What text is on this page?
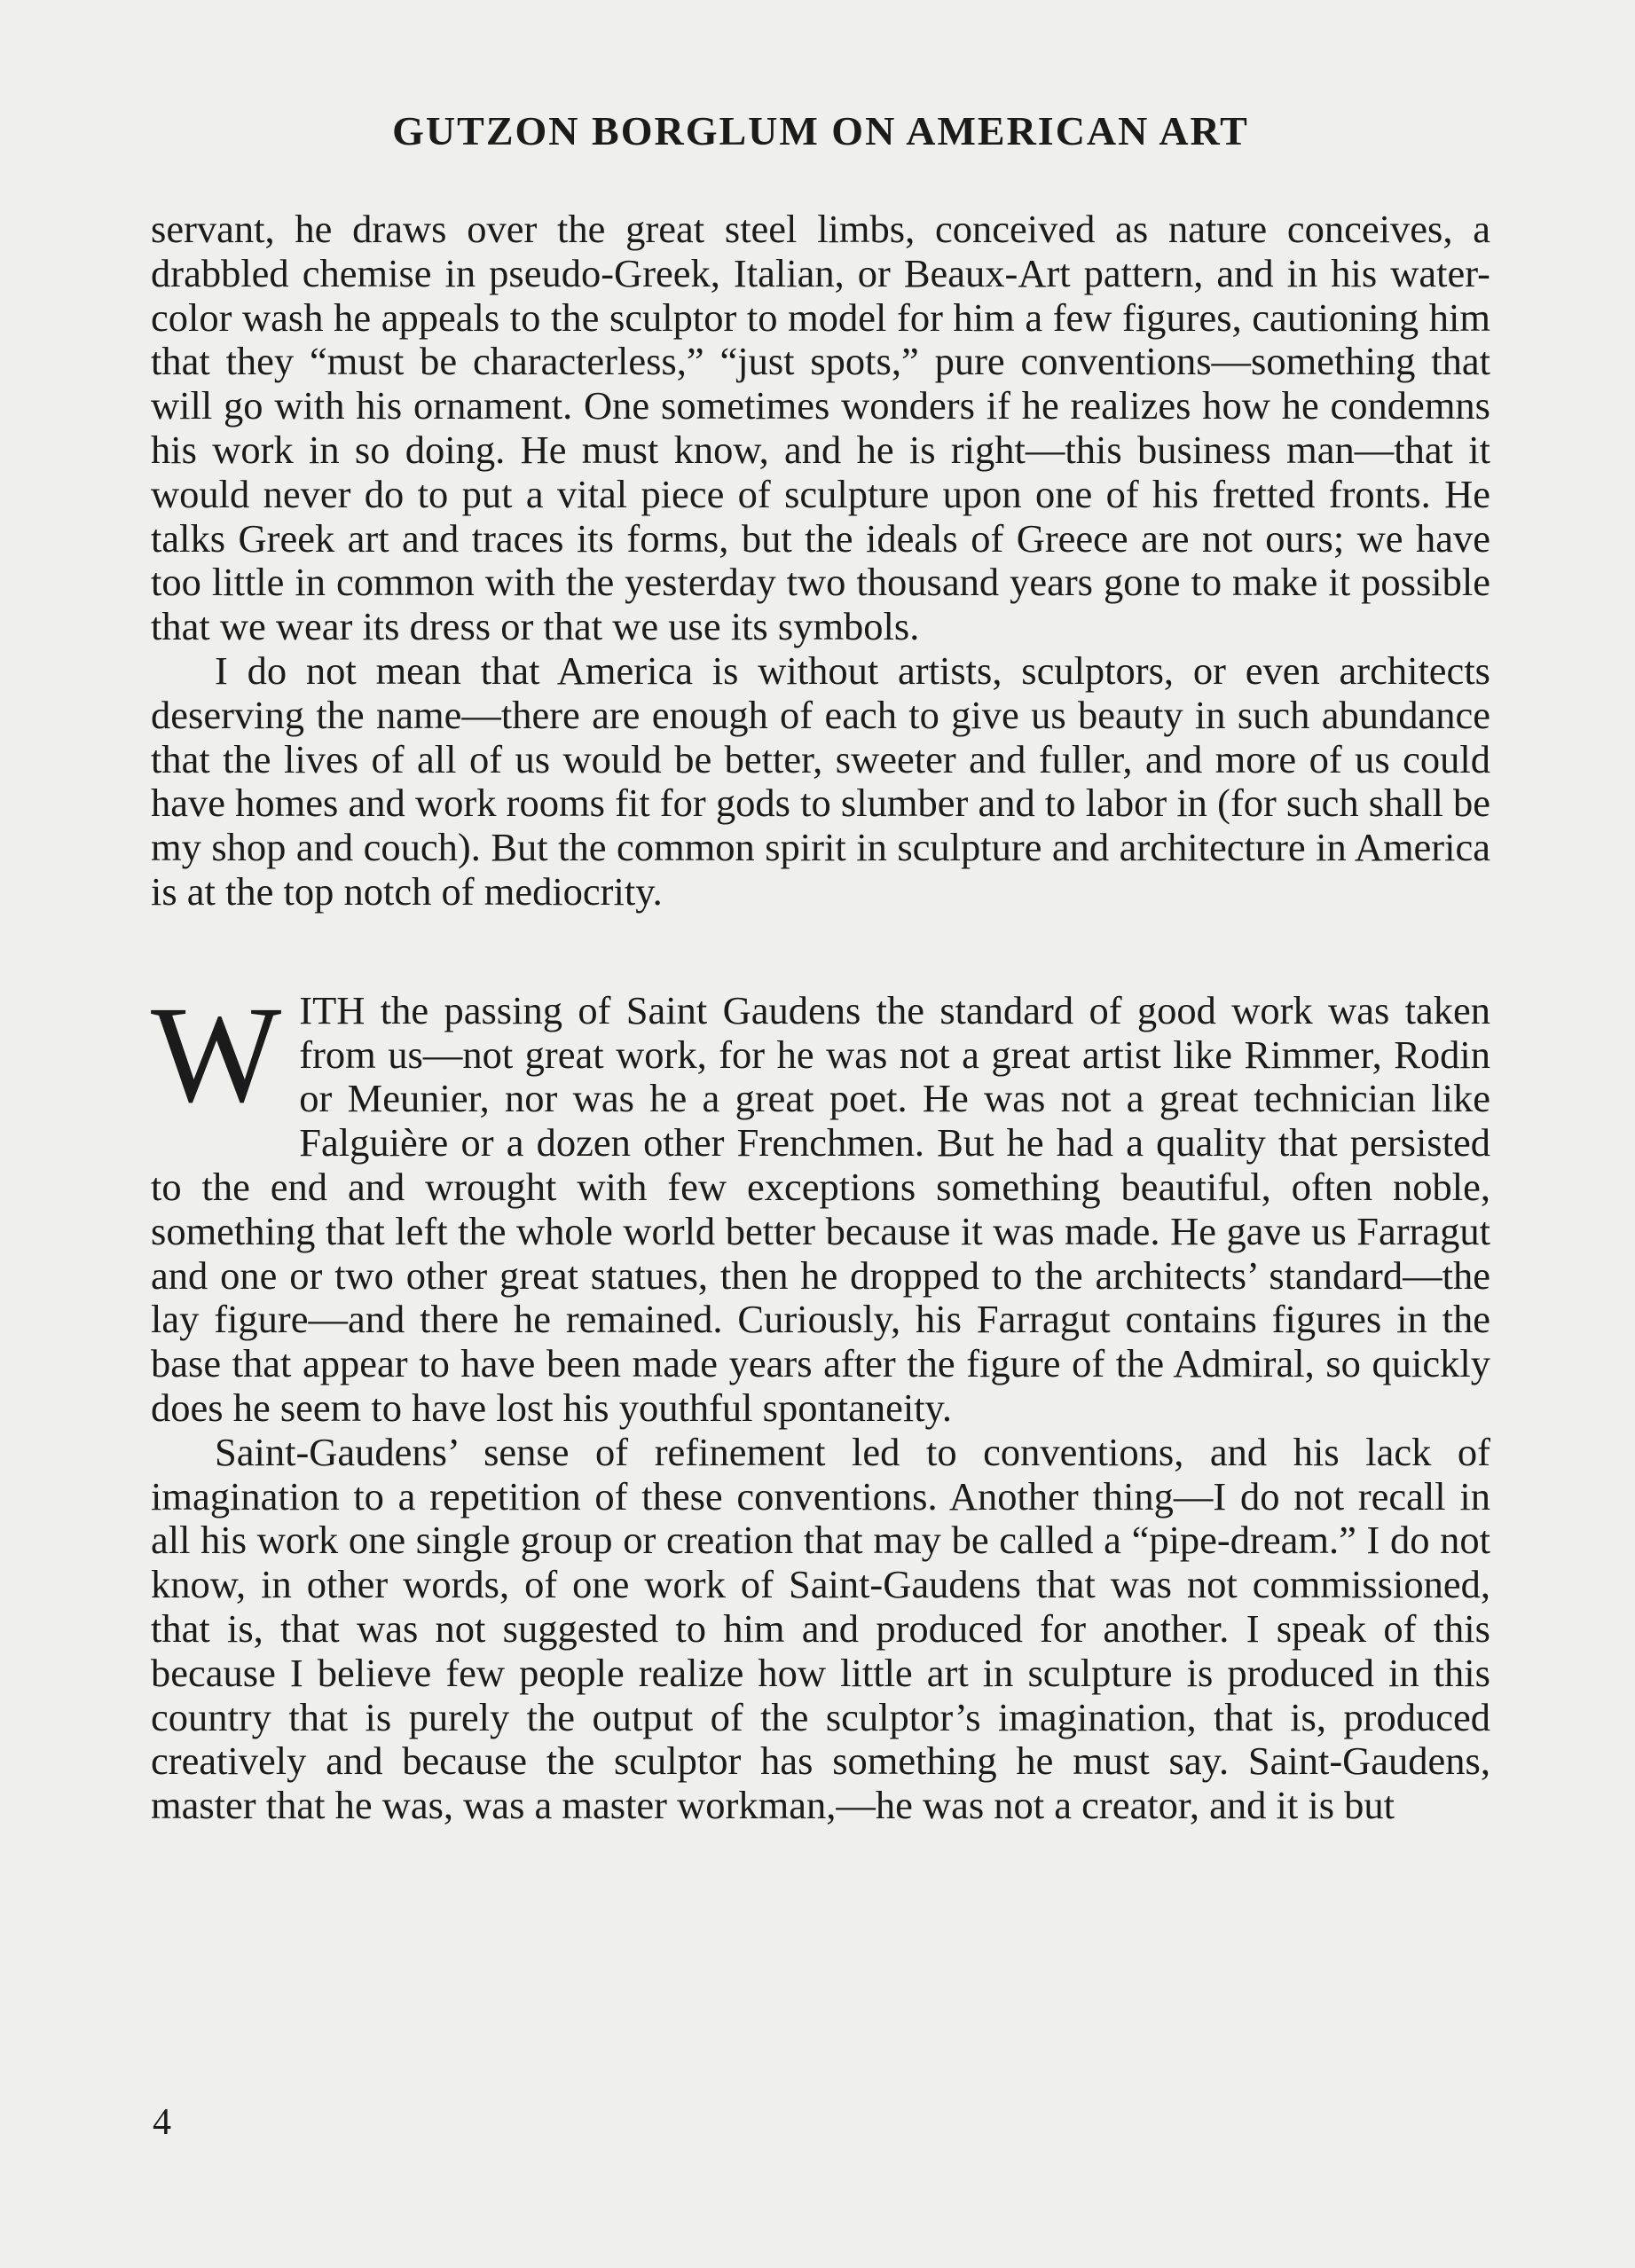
GUTZON BORGLUM ON AMERICAN ART

servant, he draws over the great steel limbs, conceived as nature conceives, a drabbled chemise in pseudo-Greek, Italian, or Beaux-Art pattern, and in his water-color wash he appeals to the sculptor to model for him a few figures, cautioning him that they “must be characterless,” “just spots,” pure conventions—something that will go with his ornament. One sometimes wonders if he realizes how he condemns his work in so doing. He must know, and he is right—this business man—that it would never do to put a vital piece of sculpture upon one of his fretted fronts. He talks Greek art and traces its forms, but the ideals of Greece are not ours; we have too little in common with the yesterday two thousand years gone to make it possible that we wear its dress or that we use its symbols.

I do not mean that America is without artists, sculptors, or even architects deserving the name—there are enough of each to give us beauty in such abundance that the lives of all of us would be better, sweeter and fuller, and more of us could have homes and work rooms fit for gods to slumber and to labor in (for such shall be my shop and couch). But the common spirit in sculpture and architecture in America is at the top notch of mediocrity.

WITH the passing of Saint Gaudens the standard of good work was taken from us—not great work, for he was not a great artist like Rimmer, Rodin or Meunier, nor was he a great poet. He was not a great technician like Falguière or a dozen other Frenchmen. But he had a quality that persisted to the end and wrought with few exceptions something beautiful, often noble, something that left the whole world better because it was made. He gave us Farragut and one or two other great statues, then he dropped to the architects’ standard—the lay figure—and there he remained. Curiously, his Farragut contains figures in the base that appear to have been made years after the figure of the Admiral, so quickly does he seem to have lost his youthful spontaneity.

Saint-Gaudens’ sense of refinement led to conventions, and his lack of imagination to a repetition of these conventions. Another thing—I do not recall in all his work one single group or creation that may be called a “pipe-dream.” I do not know, in other words, of one work of Saint-Gaudens that was not commissioned, that is, that was not suggested to him and produced for another. I speak of this because I believe few people realize how little art in sculpture is produced in this country that is purely the output of the sculptor’s imagination, that is, produced creatively and because the sculptor has something he must say. Saint-Gaudens, master that he was, was a master workman,—he was not a creator, and it is but

4
